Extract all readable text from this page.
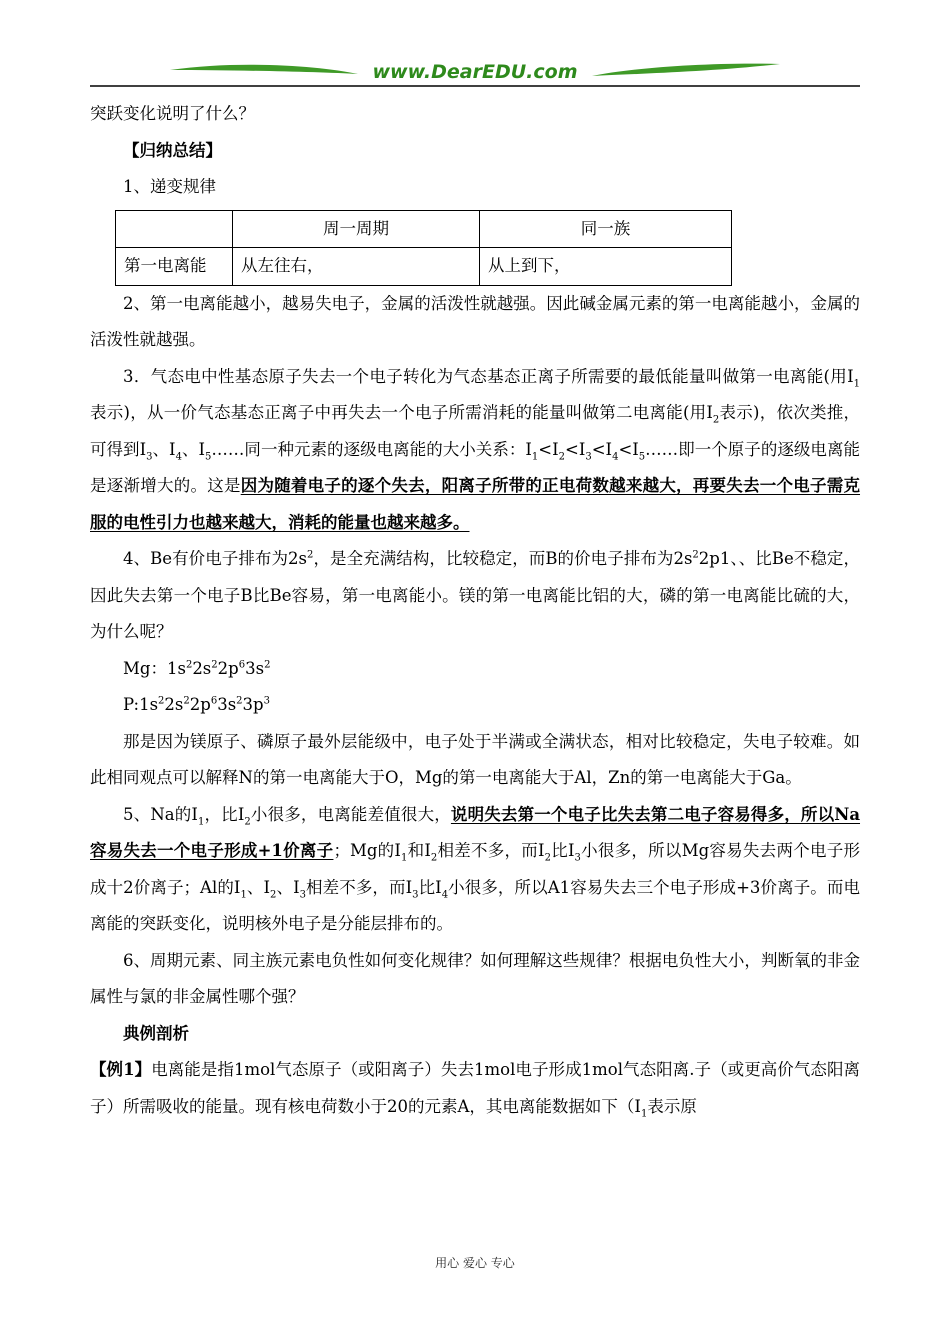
www.DearEDU.com

突跃变化说明了什么？

【归纳总结】

1、递变规律

	周一周期	同一族
第一电离能	从左往右，	从上到下，

2、第一电离能越小，越易失电子，金属的活泼性就越强。因此碱金属元素的第一电离能越小，金属的活泼性就越强。

3．气态电中性基态原子失去一个电子转化为气态基态正离子所需要的最低能量叫做第一电离能(用$I_1$表示)，从一价气态基态正离子中再失去一个电子所需消耗的能量叫做第二电离能(用$I_2$表示)，依次类推，可得到$I_3$、$I_4$、$I_5\dots\dots$同一种元素的逐级电离能的大小关系：$I_1<I_2<I_3<I_4<I_5\dots\dots$即一个原子的逐级电离能是逐渐增大的。这是因为随着电子的逐个失去，阳离子所带的正电荷数越来越大，再要失去一个电子需克服的电性引力也越来越大，消耗的能量也越来越多。

4、Be有价电子排布为$2s^2$，是全充满结构，比较稳定，而B的价电子排布为$2s^22p1$、、比Be不稳定，因此失去第一个电子B比Be容易，第一电离能小。镁的第一电离能比铝的大，磷的第一电离能比硫的大，为什么呢？

Mg：$1s^22s^22p^63s^2$

$P:1s^22s^22p^63s^23p^3$

那是因为镁原子、磷原子最外层能级中，电子处于半满或全满状态，相对比较稳定，失电子较难。如此相同观点可以解释N的第一电离能大于O，Mg的第一电离能大于Al，Zn的第一电离能大于Ga。

5、Na的$I_1$，比$I_2$小很多，电离能差值很大，说明失去第一个电子比失去第二电子容易得多，所以Na容易失去一个电子形成+1价离子；Mg的$I_1$和$I_2$相差不多，而$I_2$比$I_3$小很多，所以Mg容易失去两个电子形成十2价离子；Al的$I_1$、$I_2$、$I_3$相差不多，而$I_3$比$I_4$小很多，所以A1容易失去三个电子形成+3价离子。而电离能的突跃变化，说明核外电子是分能层排布的。

6、周期元素、同主族元素电负性如何变化规律？如何理解这些规律？根据电负性大小，判断氧的非金属性与氯的非金属性哪个强？

典例剖析

【例1】电离能是指1mol气态原子（或阳离子）失去1mol电子形成1mol气态阳离.子（或更高价气态阳离子）所需吸收的能量。现有核电荷数小于20的元素A，其电离能数据如下（$I_1$表示原

用心 爱心 专心
